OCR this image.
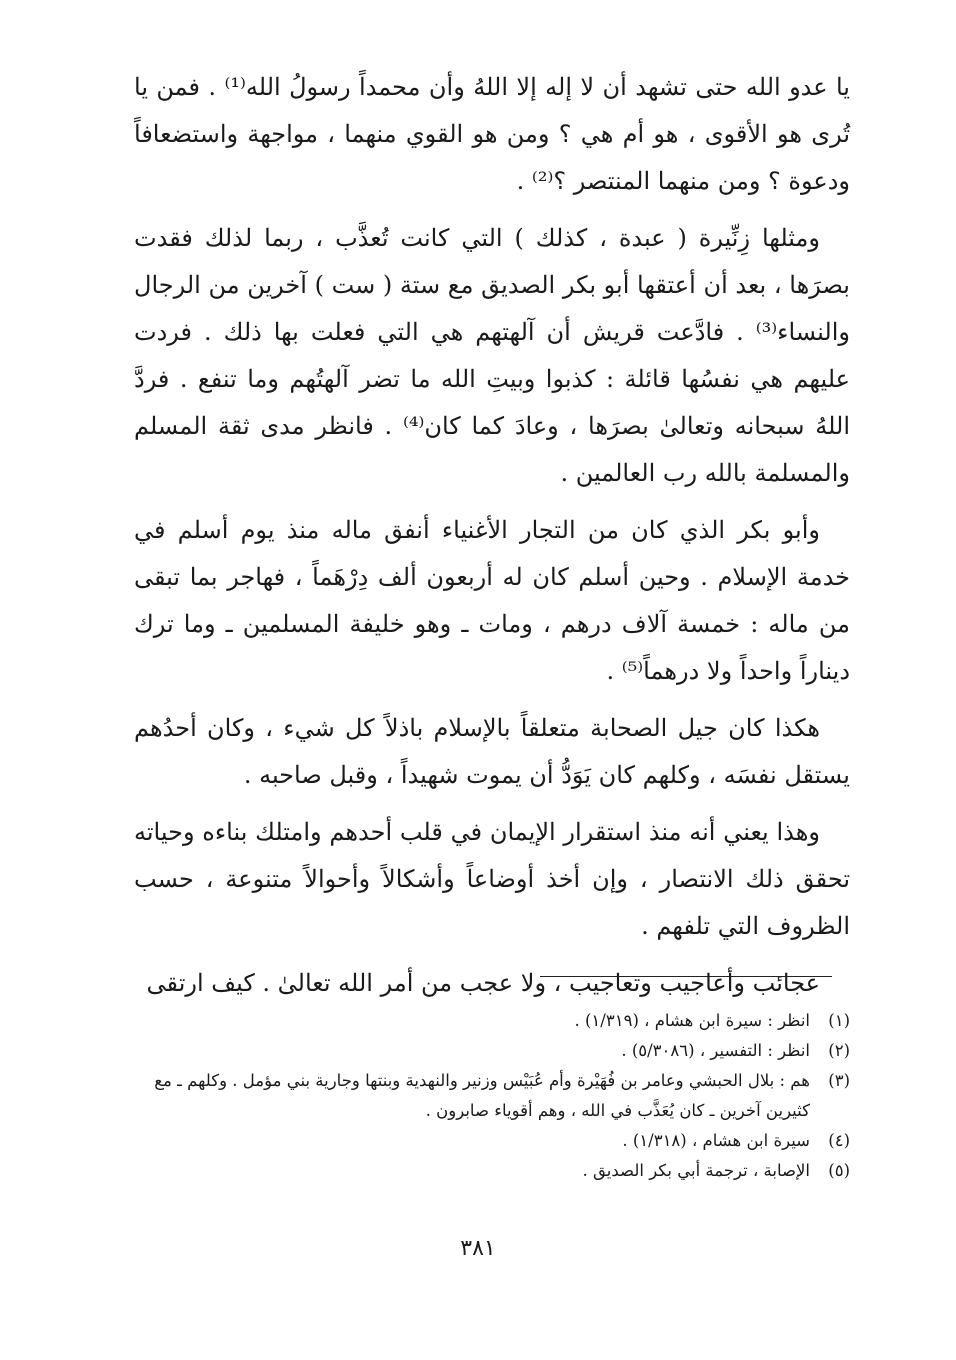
يا عدو الله حتى تشهد أن لا إله إلا اللهُ وأن محمداً رسولُ الله⁽¹⁾ . فمن يا تُرى هو الأقوى ، هو أم هي ؟ ومن هو القوي منهما ، مواجهة واستضعافاً ودعوة ؟ ومن منهما المنتصر ؟⁽²⁾ .

ومثلها زِنِّيرة ( عبدة ، كذلك ) التي كانت تُعذَّب ، ربما لذلك فقدت بصرَها ، بعد أن أعتقها أبو بكر الصديق مع ستة ( ست ) آخرين من الرجال والنساء⁽³⁾ . فادَّعت قريش أن آلهتهم هي التي فعلت بها ذلك . فردت عليهم هي نفسُها قائلة : كذبوا وبيتِ الله ما تضر آلهتُهم وما تنفع . فردَّ اللهُ سبحانه وتعالىٰ بصرَها ، وعادَ كما كان⁽⁴⁾ . فانظر مدى ثقة المسلم والمسلمة بالله رب العالمين .

وأبو بكر الذي كان من التجار الأغنياء أنفق ماله منذ يوم أسلم في خدمة الإسلام . وحين أسلم كان له أربعون ألف دِرْهَماً ، فهاجر بما تبقى من ماله : خمسة آلاف درهم ، ومات ـ وهو خليفة المسلمين ـ وما ترك ديناراً واحداً ولا درهماً⁽⁵⁾ .

هكذا كان جيل الصحابة متعلقاً بالإسلام باذلاً كل شيء ، وكان أحدُهم يستقل نفسَه ، وكلهم كان يَوَدُّ أن يموت شهيداً ، وقبل صاحبه .

وهذا يعني أنه منذ استقرار الإيمان في قلب أحدهم وامتلك بناءه وحياته تحقق ذلك الانتصار ، وإن أخذ أوضاعاً وأشكالاً وأحوالاً متنوعة ، حسب الظروف التي تلفهم .

عجائب وأعاجيب وتعاجيب ، ولا عجب من أمر الله تعالىٰ . كيف ارتقى

(١)
انظر : سيرة ابن هشام ، (١/٣١٩) .
(٢)
انظر : التفسير ، (٥/٣٠٨٦) .
(٣)
هم : بلال الحبشي وعامر بن فُهَيْرة وأم عُبَيْس وزنير والنهدية وبنتها وجارية بني مؤمل . وكلهم ـ مع كثيرين آخرين ـ كان يُعَذَّب في الله ، وهم أقوياء صابرون .
(٤)
سيرة ابن هشام ، (١/٣١٨) .
(٥)
الإصابة ، ترجمة أبي بكر الصديق .
٣٨١
